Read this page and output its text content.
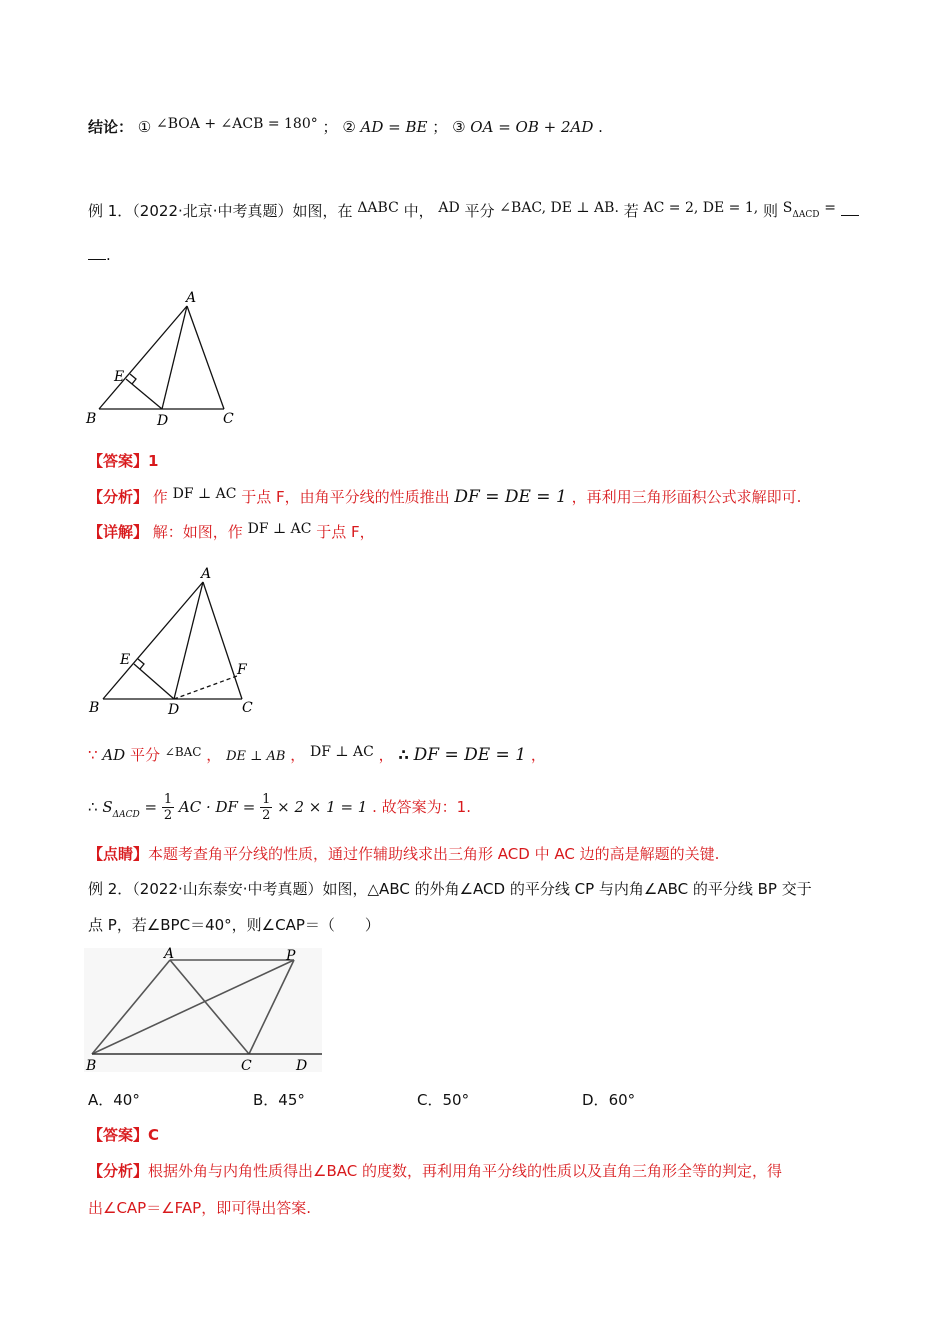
结论： ① ∠BOA + ∠ACB = 180° ； ② AD = BE ； ③ OA = OB + 2AD .
例 1．（2022·北京·中考真题）如图，在 ΔABC 中， AD 平分 ∠BAC, DE ⊥ AB. 若 AC = 2, DE = 1, 则 $S_{\Delta ACD}$ =
.
A
B	C
D
E
【答案】1
【分析】 作 DF ⊥ AC 于点 F，由角平分线的性质推出 DF = DE = 1 ，再利用三角形面积公式求解即可.
【详解】 解：如图，作 DF ⊥ AC 于点 F，
A
B	C
D
E
F
∵ AD 平分 $^{\angle BAC}$ ， DE ⊥ AB ， DF ⊥ AC ， ∴ DF = DE = 1 ，
∴ $S_{\Delta ACD} = \frac{1}{2}$ AC · DF = $\frac{1}{2} \times 2 \times 1 = 1$ . 故答案为：1.
【点睛】本题考查角平分线的性质，通过作辅助线求出三角形 ACD 中 AC 边的高是解题的关键.
例 2．（2022·山东泰安·中考真题）如图，△ABC 的外角∠ACD 的平分线 CP 与内角∠ABC 的平分线 BP 交于
点 P，若∠BPC＝40°，则∠CAP＝（　　）
A	P
B	C	D
A．40°	B．45°	C．50°	D．60°
【答案】C
【分析】根据外角与内角性质得出∠BAC 的度数，再利用角平分线的性质以及直角三角形全等的判定，得
出∠CAP＝∠FAP，即可得出答案.
